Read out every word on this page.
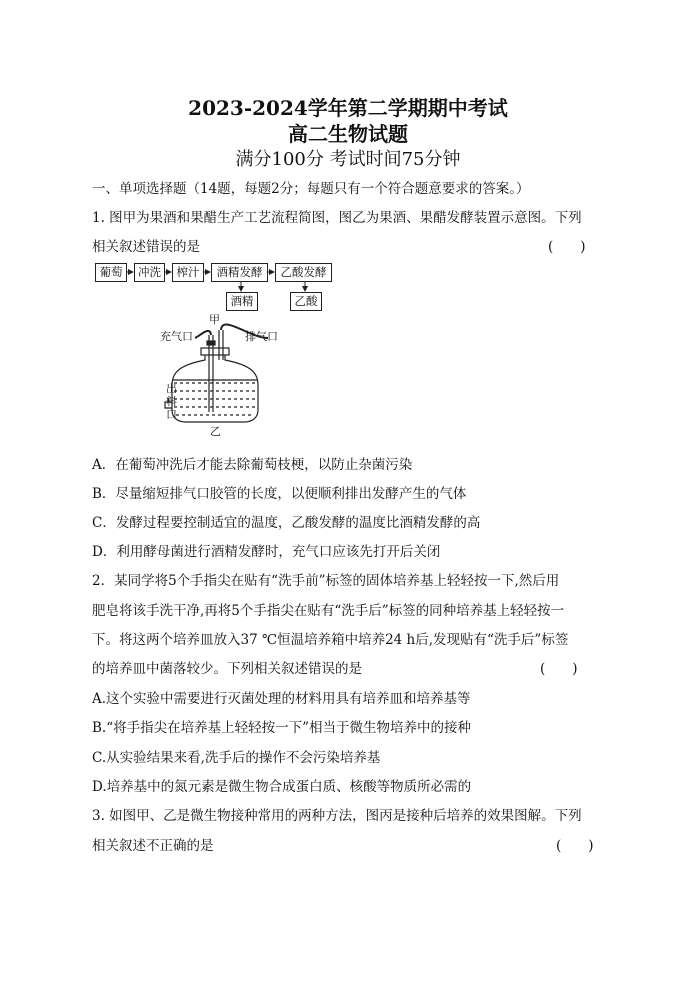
2023-2024学年第二学期期中考试
高二生物试题
满分100分 考试时间75分钟
一、单项选择题（14题，每题2分；每题只有一个符合题意要求的答案。）
1. 图甲为果酒和果醋生产工艺流程简图，图乙为果酒、果醋发酵装置示意图。下列
相关叙述错误的是	(　　)
葡萄	冲洗	榨汁	酒精发酵	乙酸发酵
酒精	乙酸
甲
充气口	排气口
出
料
口
乙
A．在葡萄冲洗后才能去除葡萄枝梗，以防止杂菌污染
B．尽量缩短排气口胶管的长度，以便顺利排出发酵产生的气体
C．发酵过程要控制适宜的温度，乙酸发酵的温度比酒精发酵的高
D．利用酵母菌进行酒精发酵时，充气口应该先打开后关闭
2．某同学将5个手指尖在贴有“洗手前”标签的固体培养基上轻轻按一下,然后用
肥皂将该手洗干净,再将5个手指尖在贴有“洗手后”标签的同种培养基上轻轻按一
下。将这两个培养皿放入37 ℃恒温培养箱中培养24 h后,发现贴有“洗手后”标签
的培养皿中菌落较少。下列相关叙述错误的是	(　　)
A.这个实验中需要进行灭菌处理的材料用具有培养皿和培养基等
B.“将手指尖在培养基上轻轻按一下”相当于微生物培养中的接种
C.从实验结果来看,洗手后的操作不会污染培养基
D.培养基中的氮元素是微生物合成蛋白质、核酸等物质所必需的
3. 如图甲、乙是微生物接种常用的两种方法，图丙是接种后培养的效果图解。下列
相关叙述不正确的是	(　　)
